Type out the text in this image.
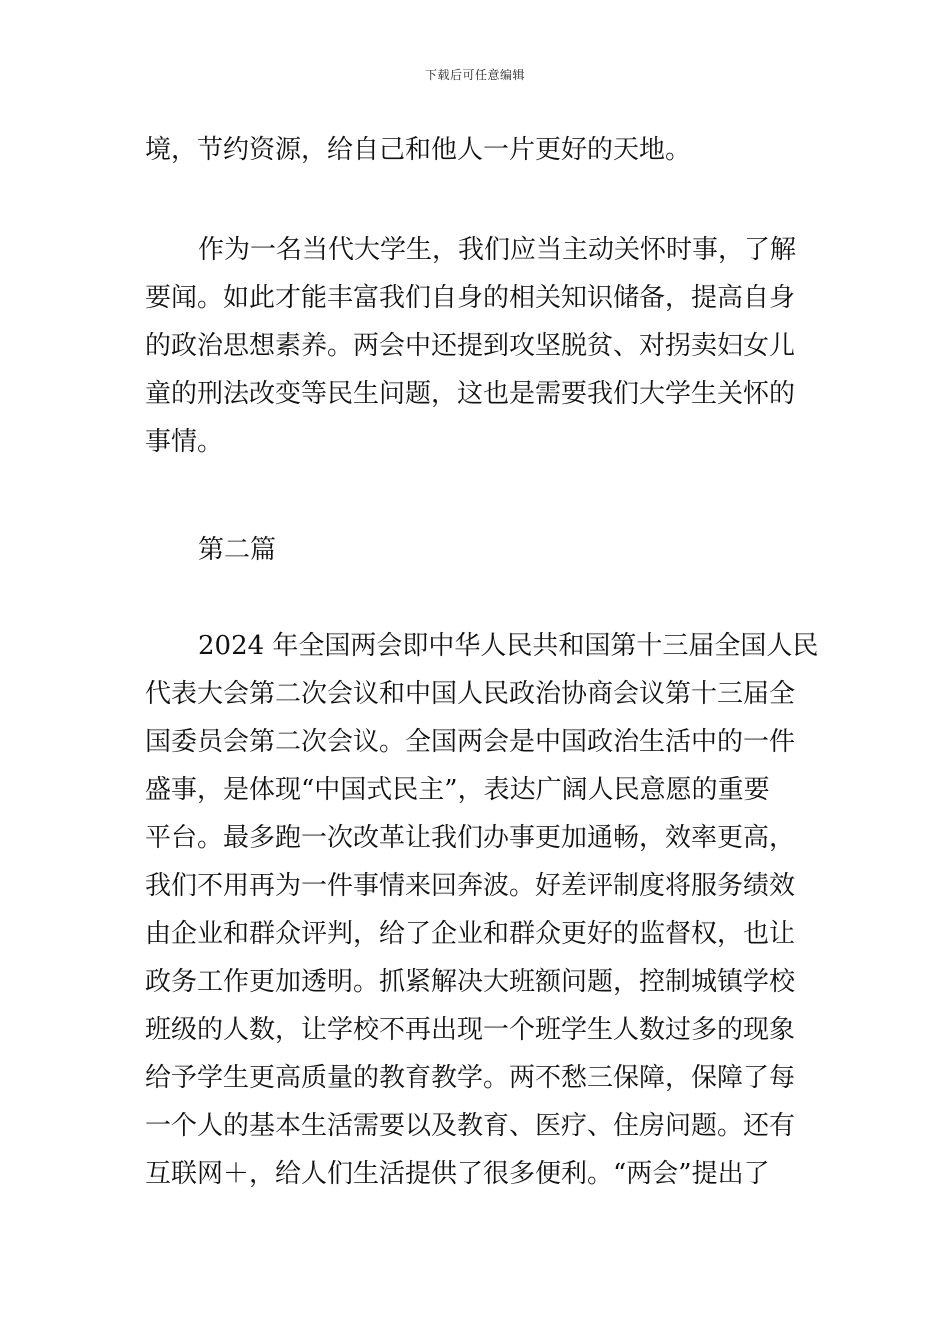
下载后可任意编辑
境，节约资源，给自己和他人一片更好的天地。
作为一名当代大学生，我们应当主动关怀时事，了解
要闻。如此才能丰富我们自身的相关知识储备，提高自身
的政治思想素养。两会中还提到攻坚脱贫、对拐卖妇女儿
童的刑法改变等民生问题，这也是需要我们大学生关怀的
事情。
第二篇
2024 年全国两会即中华人民共和国第十三届全国人民
代表大会第二次会议和中国人民政治协商会议第十三届全
国委员会第二次会议。全国两会是中国政治生活中的一件
盛事，是体现“中国式民主”，表达广阔人民意愿的重要
平台。最多跑一次改革让我们办事更加通畅，效率更高，
我们不用再为一件事情来回奔波。好差评制度将服务绩效
由企业和群众评判，给了企业和群众更好的监督权，也让
政务工作更加透明。抓紧解决大班额问题，控制城镇学校
班级的人数，让学校不再出现一个班学生人数过多的现象
给予学生更高质量的教育教学。两不愁三保障，保障了每
一个人的基本生活需要以及教育、医疗、住房问题。还有
互联网＋，给人们生活提供了很多便利。“两会”提出了
